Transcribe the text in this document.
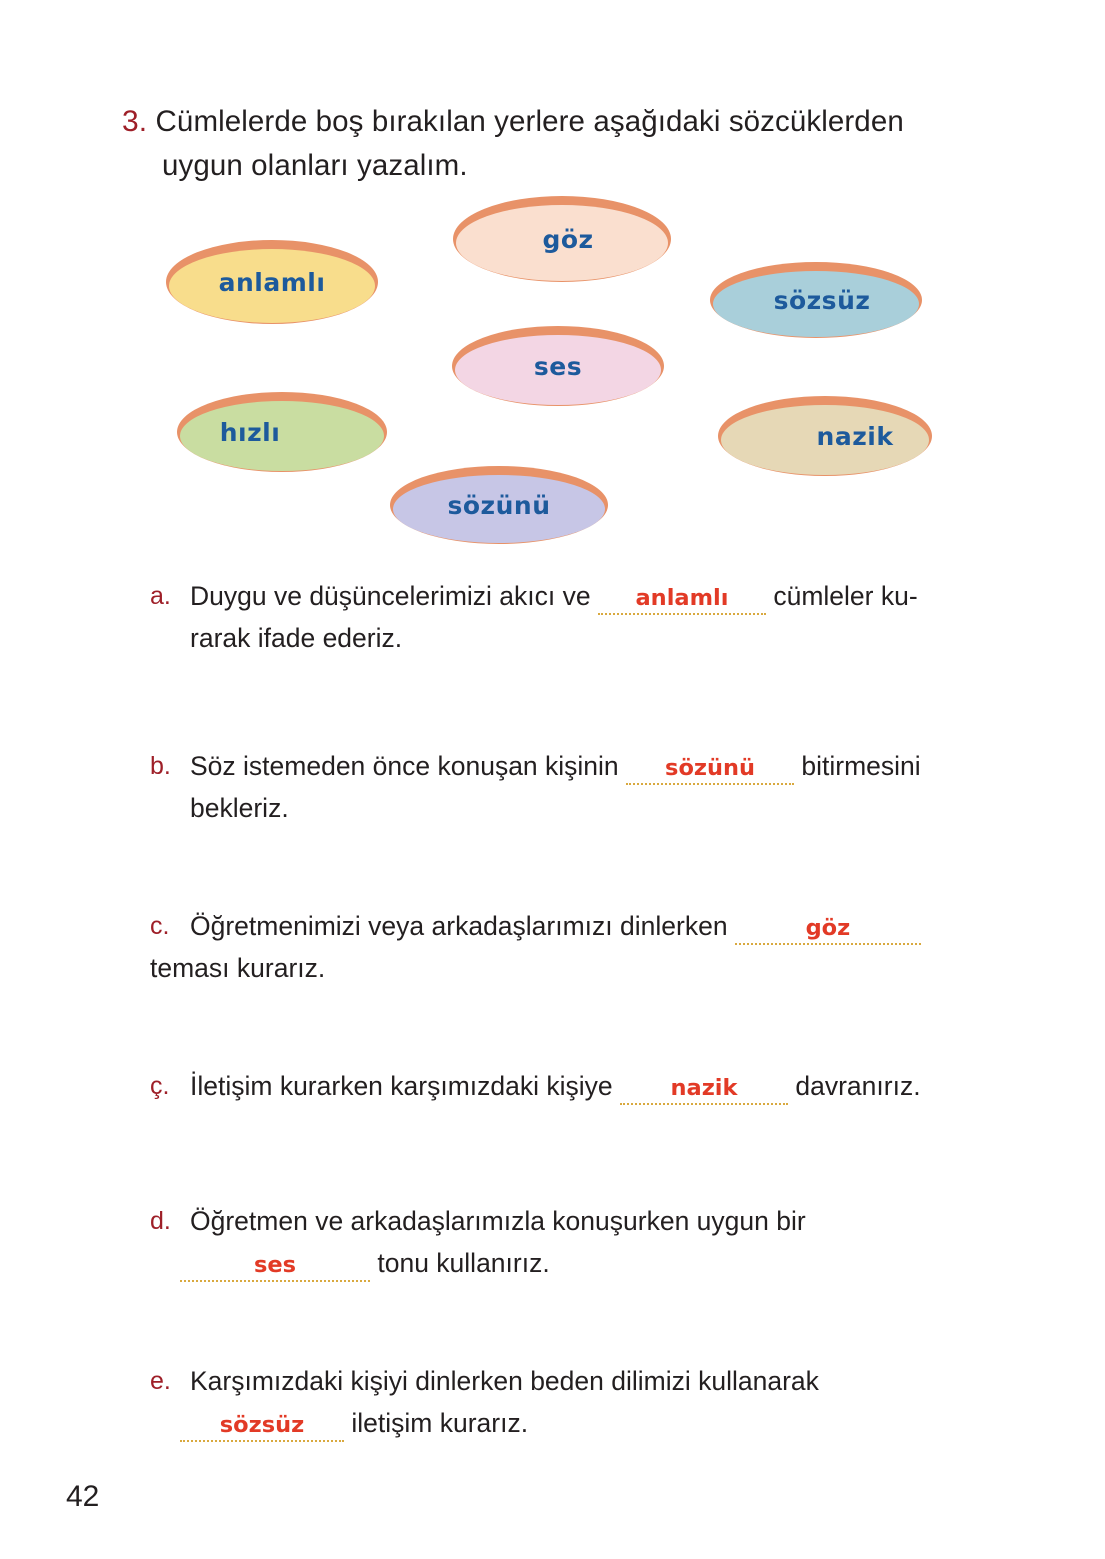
3. Cümlelerde boş bırakılan yerlere aşağıdaki sözcüklerden uygun olanları yazalım.
anlamlı
göz
sözsüz
ses
hızlı	nazik
sözünü
a. Duygu ve düşüncelerimizi akıcı ve anlamlı cümleler ku-
rarak ifade ederiz.
b. Söz istemeden önce konuşan kişinin sözünü bitirmesini
bekleriz.
c. Öğretmenimizi veya arkadaşlarımızı dinlerken	göz
teması kurarız.
ç. İletişim kurarken karşımızdaki kişiye nazik davranırız.
d. Öğretmen ve arkadaşlarımızla konuşurken uygun bir
ses	tonu kullanırız.
e. Karşımızdaki kişiyi dinlerken beden dilimizi kullanarak
sözsüz iletişim kurarız.
42
